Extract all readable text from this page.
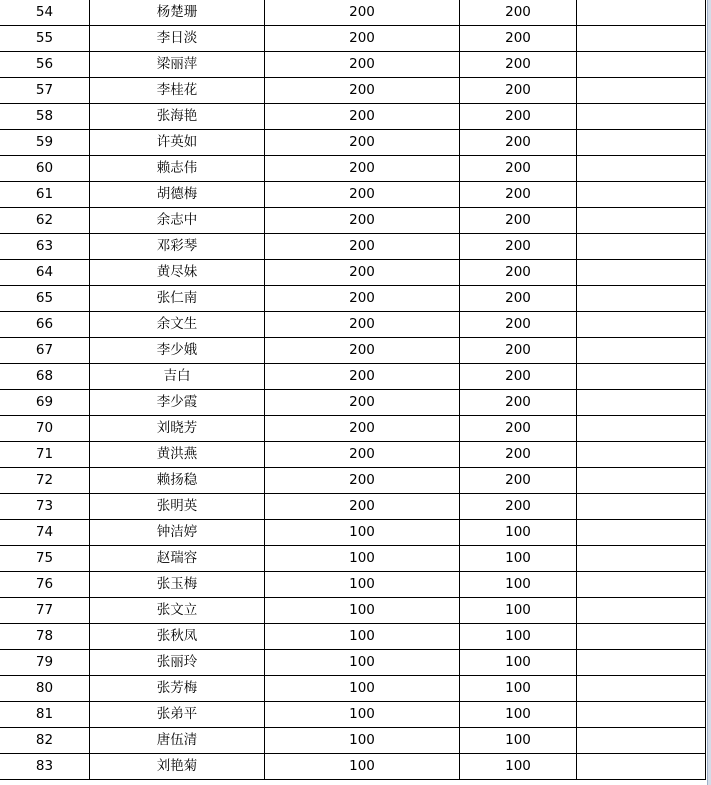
54	杨楚珊	200	200	
55	李日淡	200	200	
56	梁丽萍	200	200	
57	李桂花	200	200	
58	张海艳	200	200	
59	许英如	200	200	
60	赖志伟	200	200	
61	胡德梅	200	200	
62	余志中	200	200	
63	邓彩琴	200	200	
64	黄尽妹	200	200	
65	张仁南	200	200	
66	余文生	200	200	
67	李少娥	200	200	
68	吉白	200	200	
69	李少霞	200	200	
70	刘晓芳	200	200	
71	黄洪燕	200	200	
72	赖扬稳	200	200	
73	张明英	200	200	
74	钟洁婷	100	100	
75	赵瑞容	100	100	
76	张玉梅	100	100	
77	张文立	100	100	
78	张秋凤	100	100	
79	张丽玲	100	100	
80	张芳梅	100	100	
81	张弟平	100	100	
82	唐伍清	100	100	
83	刘艳菊	100	100	
